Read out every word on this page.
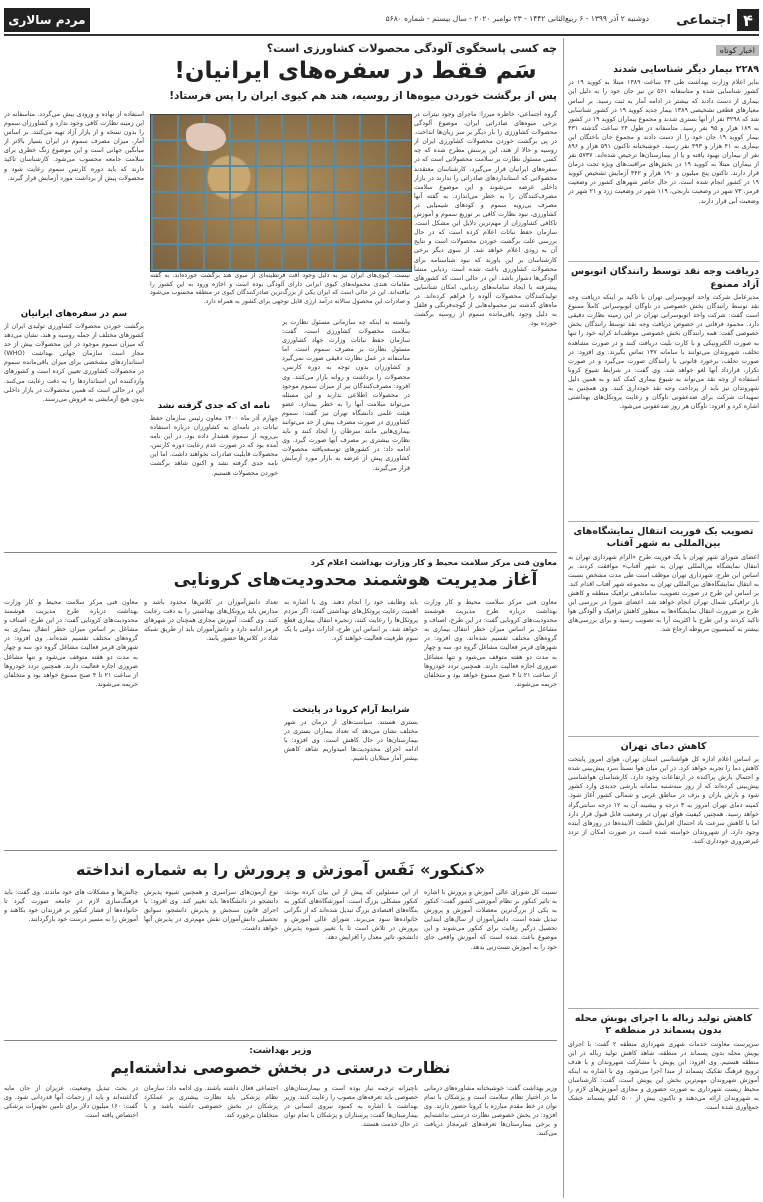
۴
اجتماعی
دوشنبه ۲ آذر ۱۳۹۹ - ۶ ربیع‌الثانی ۱۴۴۲ - ۲۳ نوامبر ۲۰۲۰ - سال بیستم - شماره ۵۶۸۰
مردم سالاری
اخبار کوتاه
۲۲۸۹ بیمار دیگر شناسایی شدند
بنابر اعلام وزارت بهداشت طی ۲۴ ساعت ۱۳۸۹ مبتلا به کووید ۱۹ در کشور شناسایی شده و متاسفانه ۵۶۱ تن نیز جان خود را به دلیل این بیماری از دست دادند که بیشتر در ادامه آمار به ثبت رسید. بر اساس معیارهای قطعی تشخیصی ۱۳۸۹ بیمار جدید کووید ۱۹ در کشور شناسایی شد که ۳۲۹۸ نفر از آنها بستری شدند و مجموع بیماران کووید ۱۹ در کشور به ۱۸۹ هزار و ۹۵ نفر رسید. متاسفانه در طول ۲۴ ساعت گذشته ۴۳۱ بیمار کووید ۱۹ جان خود را از دست دادند و مجموع جان باختگان این بیماری به ۴۱ هزار و ۴۹۳ نفر رسید. خوشبختانه تاکنون ۵۹۱ هزار و ۸۹۶ نفر از بیماران بهبود یافته و یا از بیمارستان‌ها ترخیص شده‌اند. ۵۷۳۷ نفر از بیماران مبتلا به کووید ۱۹ در بخش‌های مراقبت‌های ویژه تحت درمان قرار دارند. تاکنون پنج میلیون و ۱۹۰ هزار و ۴۴۲ آزمایش تشخیص کووید ۱۹ در کشور انجام شده است. در حال حاضر شهرهای کشور در وضعیت قرمز، ۷۳ شهر در وضعیت نارنجی، ۱۱۹ شهر در وضعیت زرد و ۲۱ شهر در وضعیت آبی قرار دارند.
دریافت وجه نقد توسط رانندگان اتوبوس آزاد ممنوع
مدیرعامل شرکت واحد اتوبوسرانی تهران با تاکید بر اینکه دریافت وجه نقد توسط رانندگان بخش خصوصی در ناوگان اتوبوسرانی کاملاً ممنوع است گفت: شرکت واحد اتوبوسرانی تهران در این زمینه نظارت دقیقی دارد. محمود فرقانی در خصوص دریافت وجه نقد توسط رانندگان بخش خصوصی گفت: همه رانندگان بخش خصوصی موظف‌اند کرایه خود را تنها به صورت الکترونیکی و با کارت بلیت دریافت کنند و در صورت مشاهده تخلف، شهروندان می‌توانند با سامانه ۱۳۷ تماس بگیرند. وی افزود: در صورت تخلف، برخورد قانونی با رانندگان صورت می‌گیرد و در صورت تکرار، قرارداد آنها لغو خواهد شد. وی گفت: در شرایط شیوع کرونا استفاده از وجه نقد می‌تواند به شیوع بیماری کمک کند و به همین دلیل شهروندان نیز باید از پرداخت وجه نقد خودداری کنند. وی همچنین به تمهیدات شرکت برای ضدعفونی ناوگان و رعایت پروتکل‌های بهداشتی اشاره کرد و افزود: ناوگان هر روز ضدعفونی می‌شود.
تصویب یک فوریت انتقال نمایشگاه‌های بین‌المللی به شهر آفتاب
اعضای شورای شهر تهران با یک فوریت طرح «الزام شهرداری تهران به انتقال نمایشگاه بین‌المللی تهران به شهر آفتاب» موافقت کردند. بر اساس این طرح، شهرداری تهران موظف است طی مدت مشخص نسبت به انتقال نمایشگاه‌های بین‌المللی تهران به مجموعه شهر آفتاب اقدام کند. بر اساس این طرح در صورت تصویب، ساماندهی ترافیک منطقه و کاهش بار ترافیکی شمال تهران انجام خواهد شد. اعضای شورا در بررسی این طرح بر ضرورت انتقال نمایشگاه‌ها به منظور کاهش ترافیک و آلودگی هوا تاکید کردند و این طرح با اکثریت آرا به تصویب رسید و برای بررسی‌های بیشتر به کمیسیون مربوطه ارجاع شد.
کاهش دمای تهران
بر اساس اعلام اداره کل هواشناسی استان تهران، هوای امروز پایتخت کاهش دما را تجربه خواهد کرد. در این میان هوا نسبتاً سرد پیش‌بینی شده و احتمال بارش پراکنده در ارتفاعات وجود دارد. کارشناسان هواشناسی پیش‌بینی کرده‌اند که از روز سه‌شنبه سامانه بارشی جدیدی وارد کشور شود و بارش باران و برف در مناطق غربی و شمالی کشور آغاز شود. کمینه دمای تهران امروز به ۳ درجه و بیشینه آن به ۱۲ درجه سانتی‌گراد خواهد رسید. همچنین کیفیت هوای تهران در وضعیت قابل قبول قرار دارد اما با کاهش سرعت باد احتمال افزایش غلظت آلاینده‌ها در روزهای آینده وجود دارد. از شهروندان خواسته شده است در صورت امکان از تردد غیرضروری خودداری کنند.
کاهش تولید زباله با اجرای پویش محله بدون پسماند در منطقه ۲
سرپرست معاونت خدمات شهری شهرداری منطقه ۲ گفت: با اجرای پویش محله بدون پسماند در منطقه، شاهد کاهش تولید زباله در این منطقه هستیم. وی افزود: این پویش با مشارکت شهروندان و با هدف ترویج فرهنگ تفکیک پسماند از مبدا اجرا می‌شود. وی با اشاره به اینکه آموزش شهروندان مهم‌ترین بخش این پویش است، گفت: کارشناسان محیط زیست شهرداری به صورت حضوری و مجازی آموزش‌های لازم را به شهروندان ارائه می‌دهند و تاکنون بیش از ۵۰۰ کیلو پسماند خشک جمع‌آوری شده است.
چه کسی پاسخگوی آلودگی محصولات کشاورزی است؟
سَم فقط در سفره‌های ایرانیان!
پس از برگشت خوردن میوه‌ها از روسیه، هند هم کیوی ایران را پس فرستاد!
گروه اجتماعی- خاطره میرزا: ماجرای وجود نیترات در برخی میوه‌های صادراتی ایران، موضوع آلودگی محصولات کشاورزی را بار دیگر بر سر زبان‌ها انداخت. در پی برگشت خوردن محصولات کشاورزی ایران از روسیه و حالا از هند، این پرسش مطرح شده که چه کسی مسئول نظارت بر سلامت محصولاتی است که در سفره‌های ایرانیان قرار می‌گیرد. کارشناسان معتقدند محصولاتی که استانداردهای صادراتی را ندارند در بازار داخلی عرضه می‌شوند و این موضوع سلامت مصرف‌کنندگان را به خطر می‌اندازد. به گفته آنها مصرف بی‌رویه سموم و کودهای شیمیایی در کشاورزی، نبود نظارت کافی بر توزیع سموم و آموزش ناکافی کشاورزان از مهم‌ترین دلایل این مشکل است. سازمان حفظ نباتات اعلام کرده است که در حال بررسی علت برگشت خوردن محصولات است و نتایج آن به زودی اعلام خواهد شد. از سوی دیگر برخی کارشناسان بر این باورند که نبود شناسنامه برای محصولات کشاورزی باعث شده است ردیابی منشأ آلودگی‌ها دشوار باشد. این در حالی است که کشورهای پیشرفته با ایجاد سامانه‌های ردیابی، امکان شناسایی تولیدکنندگان محصولات آلوده را فراهم کرده‌اند. در ماه‌های گذشته نیز محموله‌هایی از گوجه‌فرنگی و فلفل به دلیل وجود باقی‌مانده سموم از روسیه برگشت خورده بود.
نیست. کیوی‌های ایران نیز به دلیل وجود آفت قرنطینه‌ای از سوی هند برگشت خورده‌اند. به گفته مقامات هندی محموله‌های کیوی ایرانی دارای آلودگی بوده است و اجازه ورود به این کشور را نیافته‌اند. این در حالی است که ایران یکی از بزرگ‌ترین صادرکنندگان کیوی در منطقه محسوب می‌شود و صادرات این محصول سالانه درآمد ارزی قابل توجهی برای کشور به همراه دارد.
استفاده از نهاده و ورودی بیش می‌گردد. متاسفانه در این زمینه نظارت کافی وجود ندارد و کشاورزان سموم را بدون نسخه و از بازار آزاد تهیه می‌کنند. بر اساس آمار، میزان مصرف سموم در ایران بسیار بالاتر از میانگین جهانی است و این موضوع زنگ خطری برای سلامت جامعه محسوب می‌شود. کارشناسان تاکید دارند که باید دوره کارنس سموم رعایت شود و محصولات پیش از برداشت مورد آزمایش قرار گیرند.
سم در سفره‌های ایرانیان
برگشت خوردن محصولات کشاورزی تولیدی ایران از کشورهای مختلف از جمله روسیه و هند، نشان می‌دهد که میزان سموم موجود در این محصولات بیش از حد مجاز است. سازمان جهانی بهداشت (WHO) استانداردهای مشخصی برای میزان باقی‌مانده سموم در محصولات کشاورزی تعیین کرده است و کشورهای واردکننده این استانداردها را به دقت رعایت می‌کنند. این در حالی است که همین محصولات در بازار داخلی بدون هیچ آزمایشی به فروش می‌رسند.
وابسته به اینکه چه سازمانی مسئول نظارت بر سلامت محصولات کشاورزی است، گفت: سازمان حفظ نباتات وزارت جهاد کشاورزی مسئول نظارت بر مصرف سموم است. اما متاسفانه در عمل نظارت دقیقی صورت نمی‌گیرد و کشاورزان بدون توجه به دوره کارنس، محصولات را برداشت و روانه بازار می‌کنند. وی افزود: مصرف‌کنندگان نیز از میزان سموم موجود در محصولات اطلاعی ندارند و این مسئله می‌تواند سلامت آنها را به خطر بیندازد. عضو هیئت علمی دانشگاه تهران نیز گفت: سموم کشاورزی در صورت مصرف بیش از حد می‌توانند بیماری‌هایی مانند سرطان را ایجاد کنند و باید نظارت بیشتری بر مصرف آنها صورت گیرد. وی ادامه داد: در کشورهای توسعه‌یافته محصولات کشاورزی پیش از عرضه به بازار مورد آزمایش قرار می‌گیرند.
نامه ای که جدی گرفته نشد
چهارم آذر ماه ۱۴۰۰ معاون رئیس سازمان حفظ نباتات در نامه‌ای به کشاورزان درباره استفاده بی‌رویه از سموم هشدار داده بود. در این نامه آمده بود که در صورت عدم رعایت دوره کارنس، محصولات قابلیت صادرات نخواهند داشت. اما این نامه جدی گرفته نشد و اکنون شاهد برگشت خوردن محصولات هستیم.
معاون فنی مرکز سلامت محیط و کار وزارت بهداشت اعلام کرد
آغاز مدیریت هوشمند محدودیت‌های کرونایی
معاون فنی مرکز سلامت محیط و کار وزارت بهداشت درباره طرح مدیریت هوشمند محدودیت‌های کرونایی گفت: در این طرح، اصناف و مشاغل بر اساس میزان خطر انتقال بیماری به گروه‌های مختلف تقسیم شده‌اند. وی افزود: در شهرهای قرمز فعالیت مشاغل گروه دو، سه و چهار به مدت دو هفته متوقف می‌شود و تنها مشاغل ضروری اجازه فعالیت دارند. همچنین تردد خودروها از ساعت ۲۱ تا ۴ صبح ممنوع خواهد بود و متخلفان جریمه می‌شوند.
باید وظایف خود را انجام دهند. وی با اشاره به اهمیت رعایت پروتکل‌های بهداشتی گفت: اگر مردم پروتکل‌ها را رعایت کنند، زنجیره انتقال بیماری قطع خواهد شد. بر اساس این طرح، ادارات دولتی با یک سوم ظرفیت فعالیت خواهند کرد.
شرایط آرام کرونا در پایتخت
بستری هستند. سیاست‌های از درمان در شهر مختلف نشان می‌دهد که تعداد بیماران بستری در بیمارستان‌ها در حال کاهش است. وی افزود: با ادامه اجرای محدودیت‌ها امیدواریم شاهد کاهش بیشتر آمار مبتلایان باشیم.
تعداد دانش‌آموزان در کلاس‌ها محدود باشد و مدارس باید پروتکل‌های بهداشتی را به دقت رعایت کنند. وی گفت: آموزش مجازی همچنان در شهرهای قرمز ادامه دارد و دانش‌آموزان باید از طریق شبکه شاد در کلاس‌ها حضور یابند.
معاون فنی مرکز سلامت محیط و کار وزارت بهداشت درباره طرح مدیریت هوشمند محدودیت‌های کرونایی گفت: در این طرح، اصناف و مشاغل بر اساس میزان خطر انتقال بیماری به گروه‌های مختلف تقسیم شده‌اند. وی افزود: در شهرهای قرمز فعالیت مشاغل گروه دو، سه و چهار به مدت دو هفته متوقف می‌شود و تنها مشاغل ضروری اجازه فعالیت دارند. همچنین تردد خودروها از ساعت ۲۱ تا ۴ صبح ممنوع خواهد بود و متخلفان جریمه می‌شوند.
«کنکور» نَفَس آموزش و پرورش را به شماره انداخته
نسبت کل شورای عالی آموزش و پرورش با اشاره به تاثیر کنکور بر نظام آموزشی کشور گفت: کنکور به یکی از بزرگ‌ترین معضلات آموزش و پرورش تبدیل شده است. دانش‌آموزان از سال‌های ابتدایی تحصیل درگیر رقابت برای کنکور می‌شوند و این موضوع باعث شده است که آموزش واقعی جای خود را به آموزش تست‌زنی بدهد.
از این مسئولین که پیش از این بیان کرده بودند، کنکور مشکلی بزرگ است. آموزشگاه‌های کنکور به بنگاه‌های اقتصادی بزرگ تبدیل شده‌اند که از نگرانی خانواده‌ها سود می‌برند. شورای عالی آموزش و پرورش در تلاش است تا با تغییر شیوه پذیرش دانشجو، تاثیر معدل را افزایش دهد.
نوع آزمون‌های سراسری و همچنین شیوه پذیرش دانشجو در دانشگاه‌ها باید تغییر کند. وی افزود: با اجرای قانون سنجش و پذیرش دانشجو، سوابق تحصیلی دانش‌آموزان نقش مهم‌تری در پذیرش آنها خواهد داشت.
چالش‌ها و مشکلات ‌های خود ماندند. وی گفت: باید فرهنگ‌سازی لازم در جامعه صورت گیرد تا خانواده‌ها از فشار کنکور بر فرزندان خود بکاهند و آموزش را به مسیر درست خود بازگردانند.
وزیر بهداشت:
نظارت درستی در بخش خصوصی نداشته‌ایم
وزیر بهداشت گفت: خوشبختانه مشاوره‌های درمانی ما در اختیار نظام سلامت است و پزشکان با تمام توان در خط مقدم مبارزه با کرونا حضور دارند. وی افزود: در بخش خصوصی نظارت درستی نداشته‌ایم و برخی بیمارستان‌ها تعرفه‌های غیرمجاز دریافت می‌کنند.
ناچیزانه ترجمه‌ نیاز بوده است و بیمارستان‌های خصوصی باید تعرفه‌های مصوب را رعایت کنند. وزیر بهداشت با اشاره به کمبود نیروی انسانی در بیمارستان‌ها گفت: پرستاران و پزشکان با تمام توان در حال خدمت هستند.
اجتماعی فعال داشته باشند. وی ادامه داد: سازمان نظام پزشکی باید نظارت بیشتری بر عملکرد پزشکان در بخش خصوصی داشته باشد و با متخلفان برخورد کند.
در بحث تبدیل وضعیت، عزیزان از جان مایه گذاشته‌اند و باید از زحمات آنها قدردانی شود. وی گفت: ۱۶۰ میلیون دلار برای تامین تجهیزات پزشکی اختصاص یافته است.
